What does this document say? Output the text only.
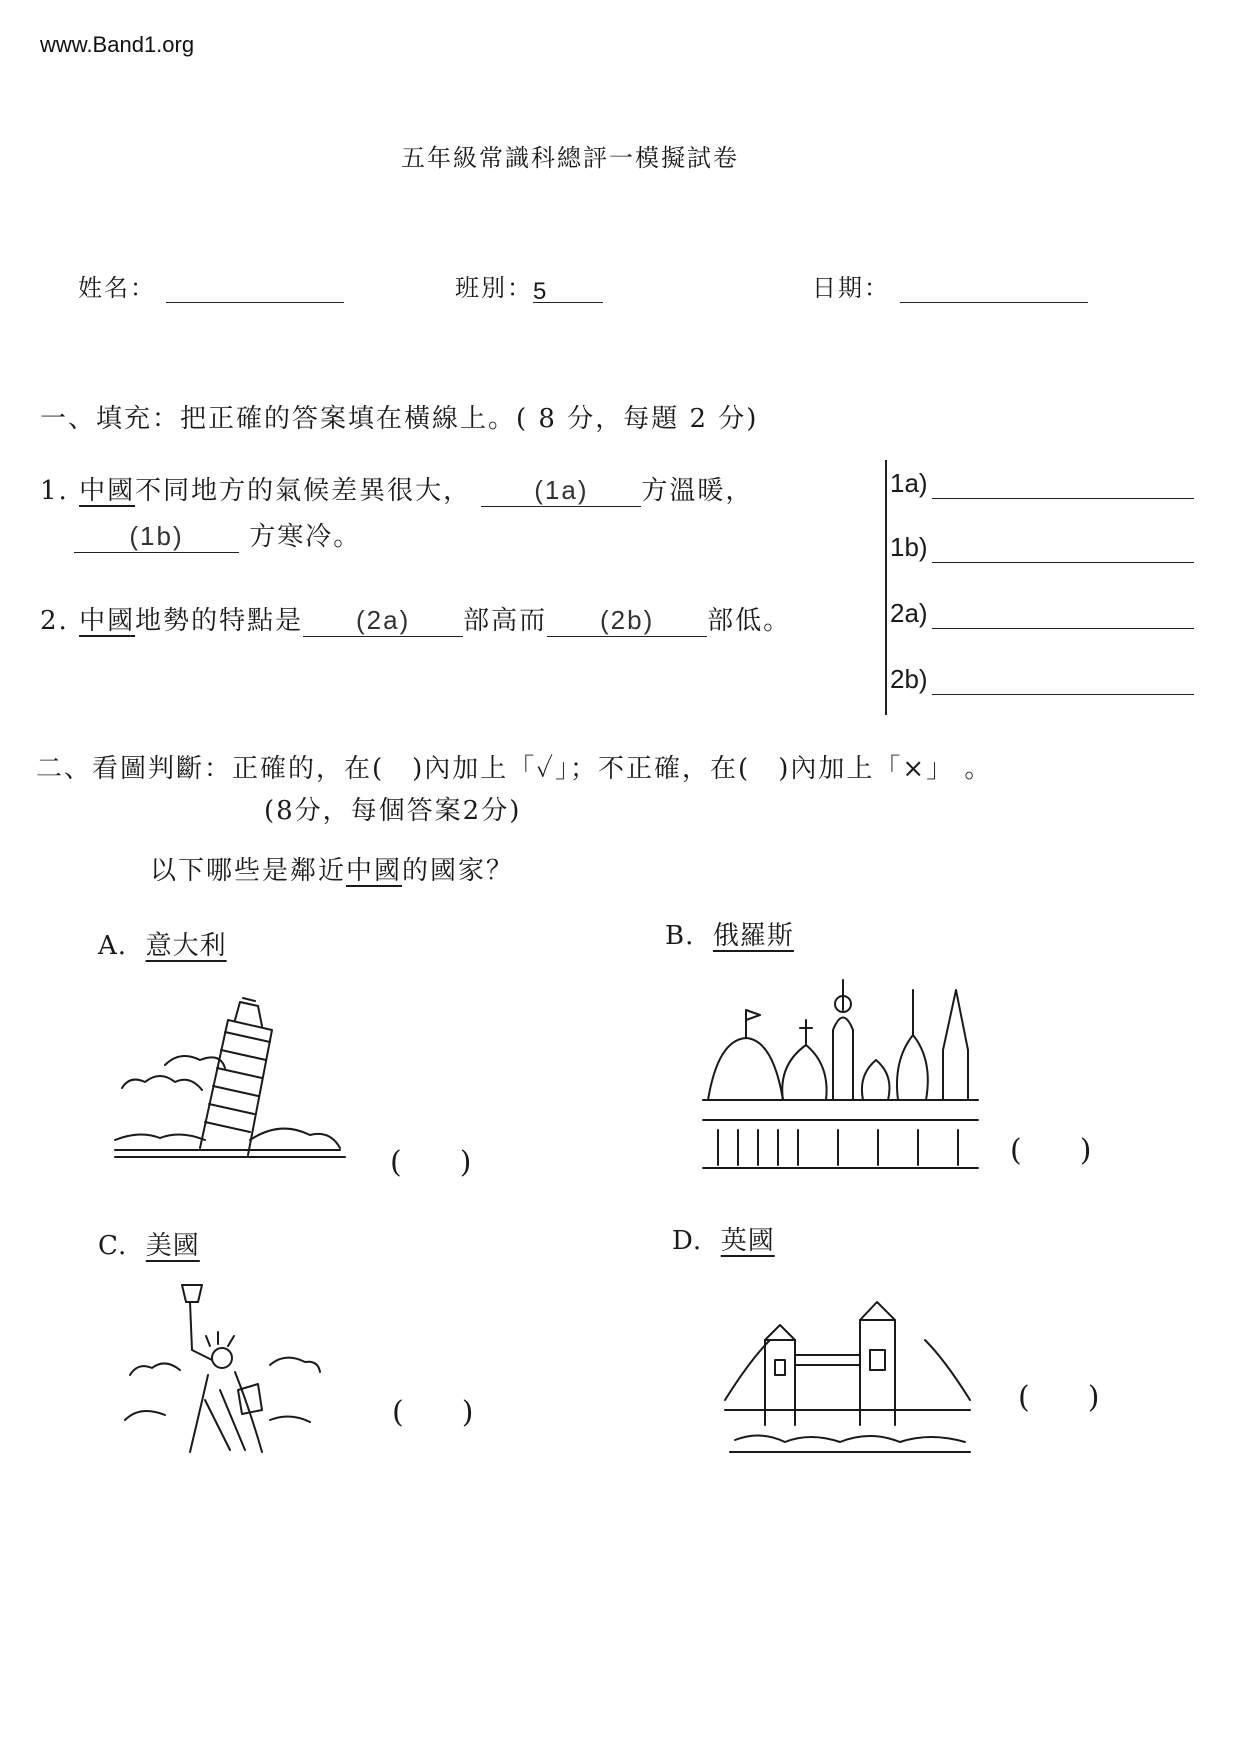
www.Band1.org
五年級常識科總評一模擬試卷
姓名：	班別：5	日期：
一、填充：把正確的答案填在橫線上。( 8 分，每題 2 分)
1. 中國不同地方的氣候差異很大， (1a) 方溫暖，
(1b)	方寒冷。
2. 中國地勢的特點是 (2a) 部高而 (2b) 部低。
1a)
1b)
2a)
2b)
二、看圖判斷：正確的，在(　)內加上「✓」；不正確，在(　)內加上「×」 。
(8分，每個答案2分)
以下哪些是鄰近中國的國家？
A. 意大利
()
B. 俄羅斯
()
C. 美國
()
D. 英國
()
